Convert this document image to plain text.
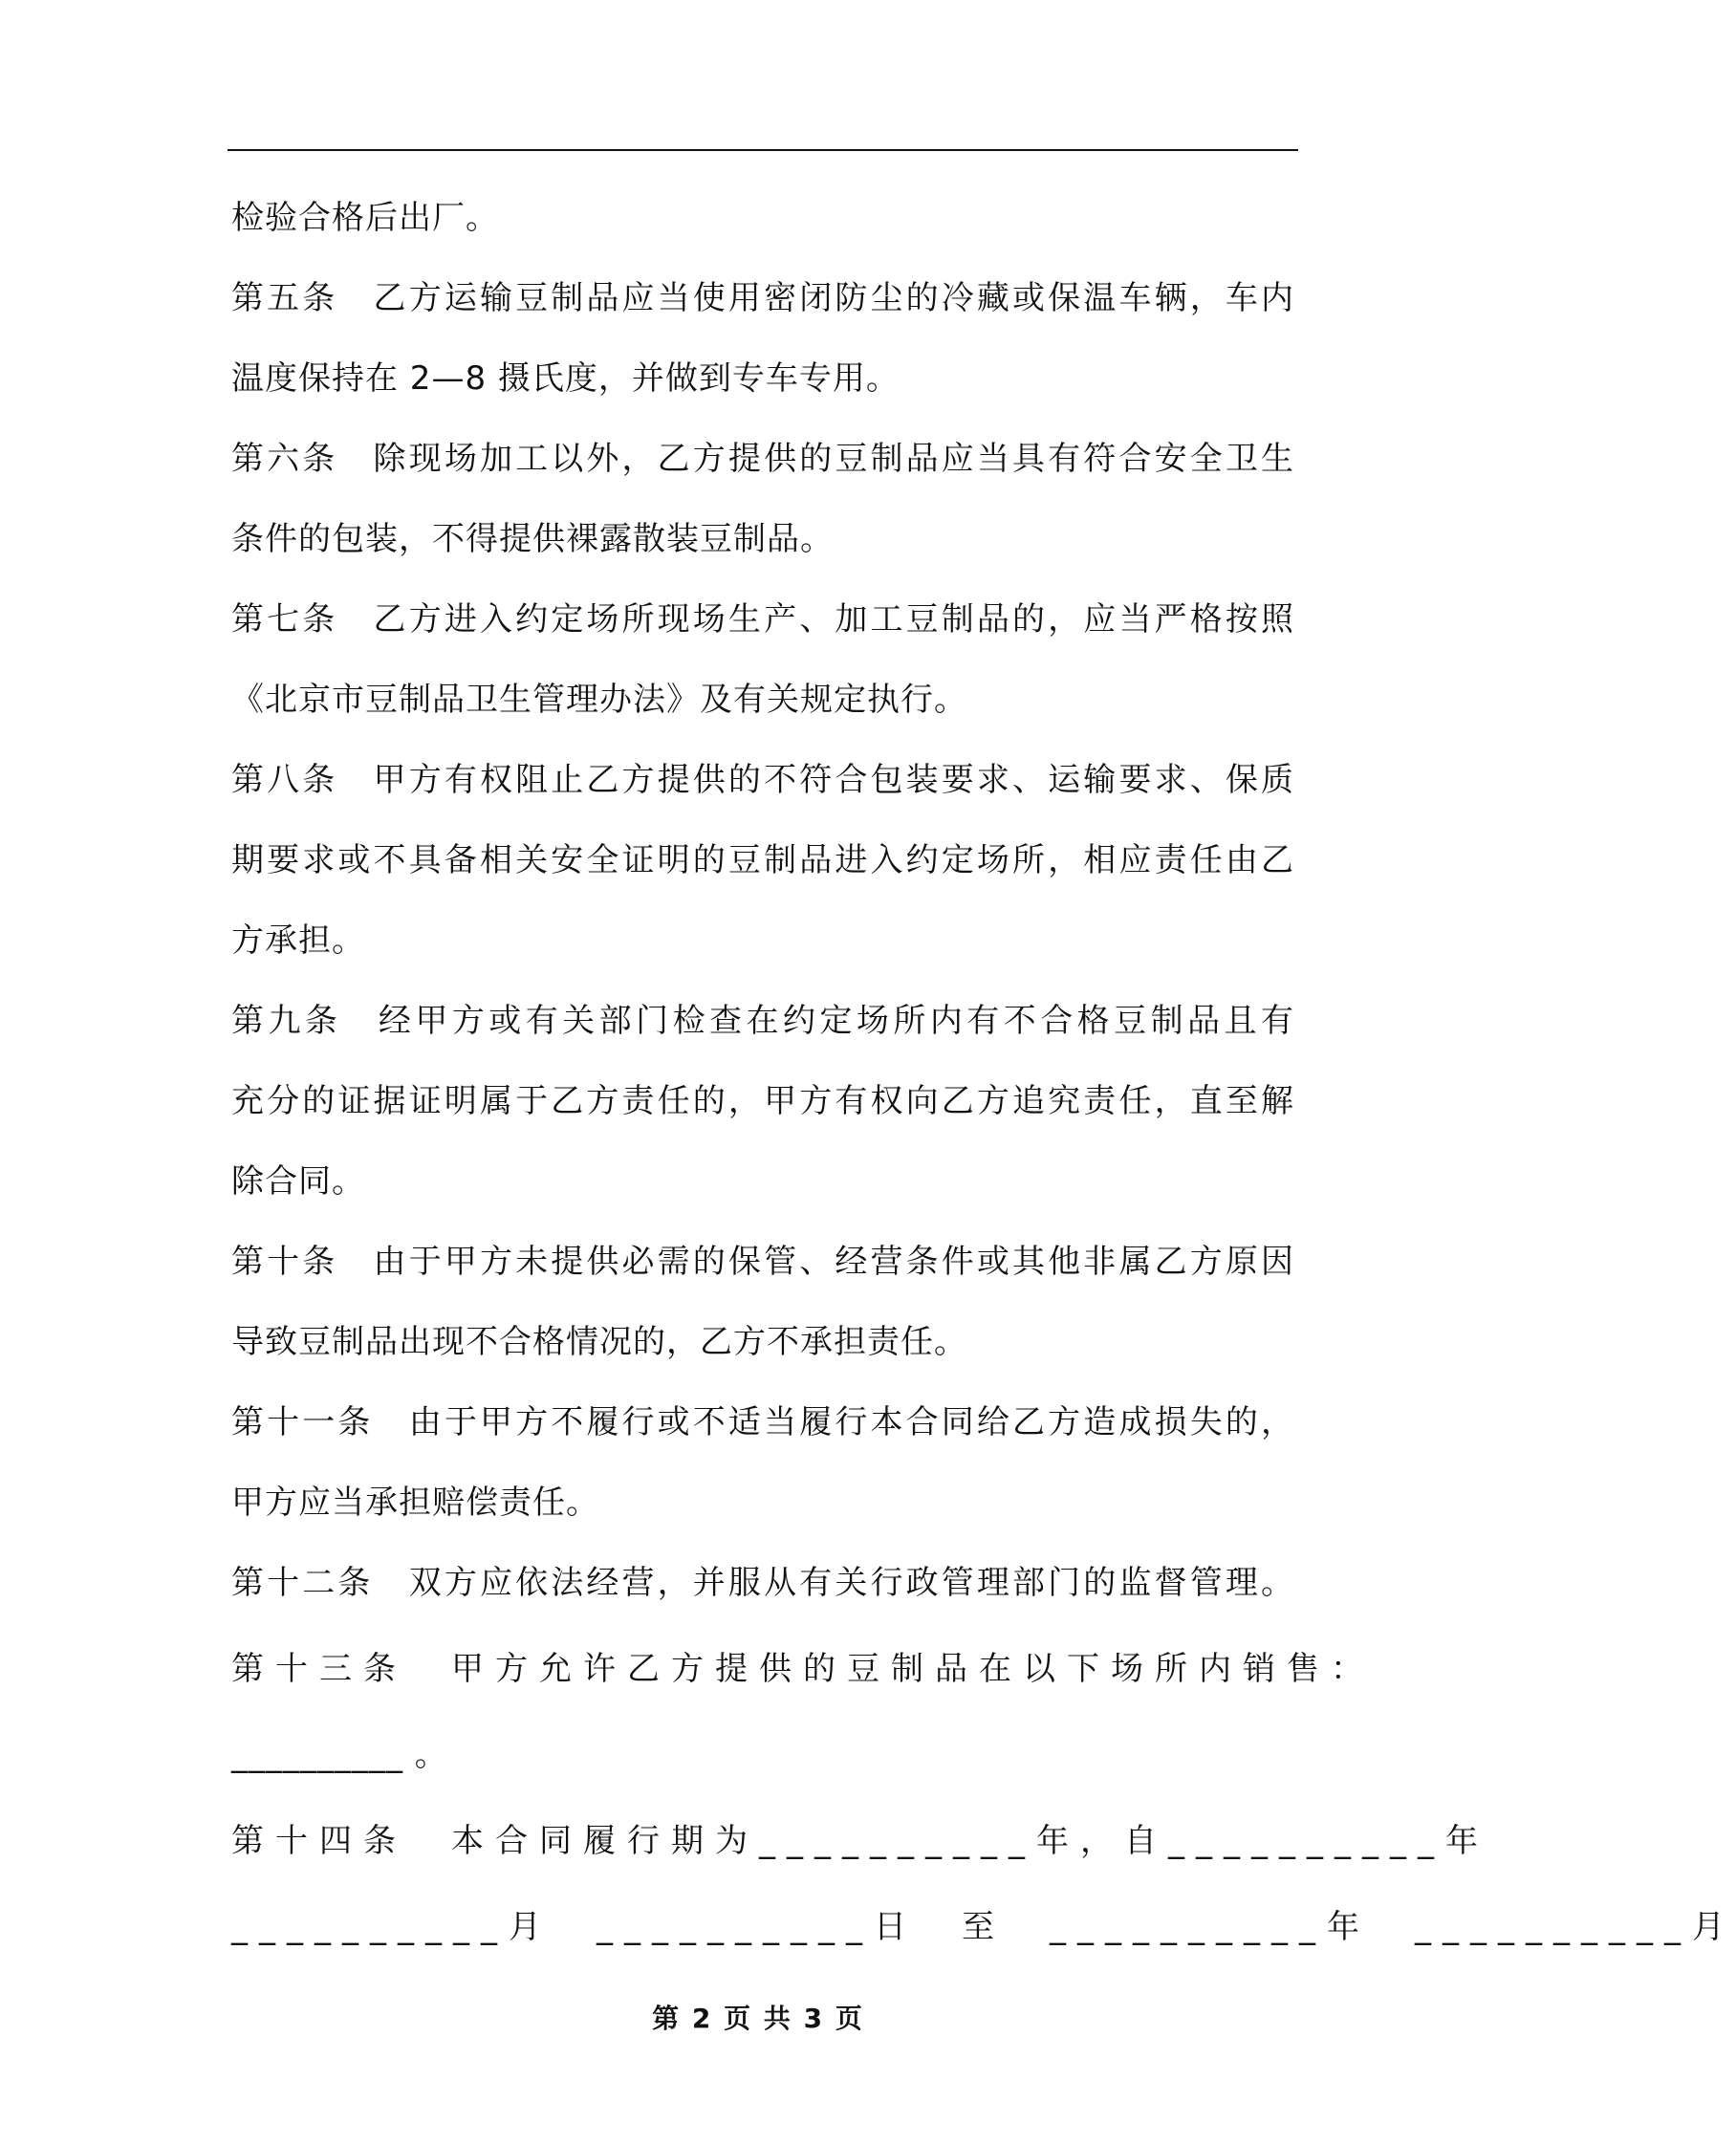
检验合格后出厂。
第五条　乙方运输豆制品应当使用密闭防尘的冷藏或保温车辆，车内
温度保持在 2—8 摄氏度，并做到专车专用。
第六条　除现场加工以外，乙方提供的豆制品应当具有符合安全卫生
条件的包装，不得提供裸露散装豆制品。
第七条　乙方进入约定场所现场生产、加工豆制品的，应当严格按照
《北京市豆制品卫生管理办法》及有关规定执行。
第八条　甲方有权阻止乙方提供的不符合包装要求、运输要求、保质
期要求或不具备相关安全证明的豆制品进入约定场所，相应责任由乙
方承担。
第九条　经甲方或有关部门检查在约定场所内有不合格豆制品且有
充分的证据证明属于乙方责任的，甲方有权向乙方追究责任，直至解
除合同。
第十条　由于甲方未提供必需的保管、经营条件或其他非属乙方原因
导致豆制品出现不合格情况的，乙方不承担责任。
第十一条　由于甲方不履行或不适当履行本合同给乙方造成损失的，
甲方应当承担赔偿责任。
第十二条　双方应依法经营，并服从有关行政管理部门的监督管理。
第十三条　甲方允许乙方提供的豆制品在以下场所内销售：
__________ 。
第十四条　本合同履行期为__________年，自__________年
__________月　__________日　至　__________年　__________月
第 2 页 共 3 页
